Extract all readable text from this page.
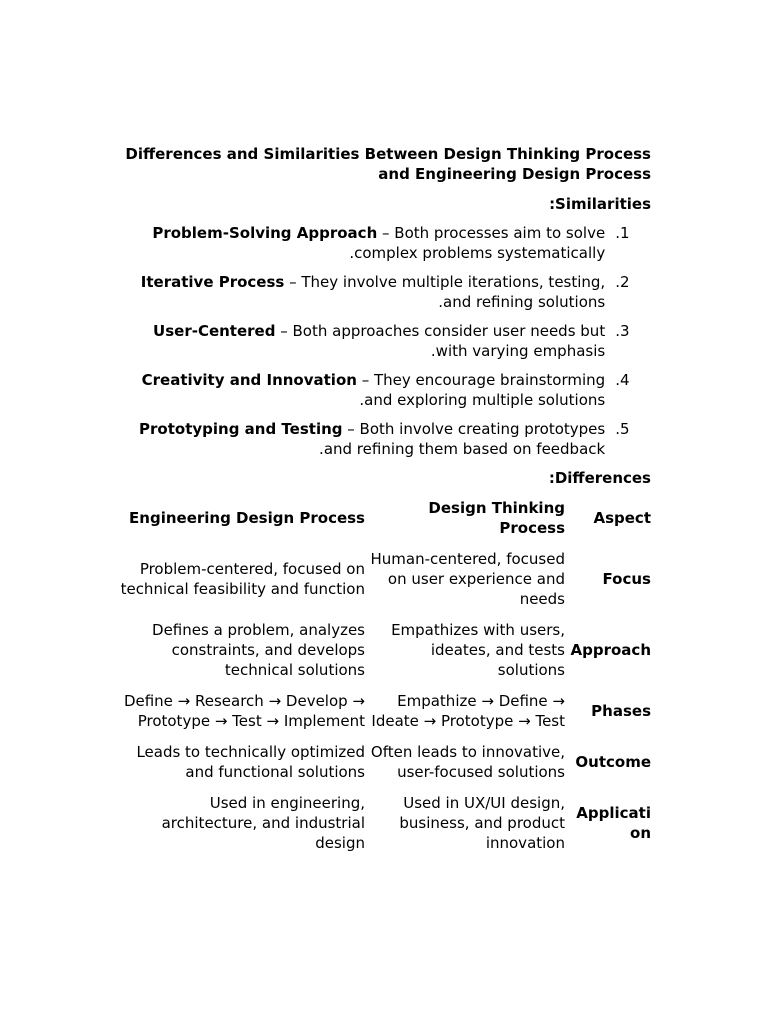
Differences and Similarities Between Design Thinking Process and Engineering Design Process
:Similarities
Problem-Solving Approach – Both processes aim to solve .complex problems systematically
.1
Iterative Process – They involve multiple iterations, testing, .and refining solutions
.2
User-Centered – Both approaches consider user needs but .with varying emphasis
.3
Creativity and Innovation – They encourage brainstorming .and exploring multiple solutions
.4
Prototyping and Testing – Both involve creating prototypes .and refining them based on feedback
.5
:Differences
Engineering Design Process	Design Thinking Process	Aspect
Problem-centered, focused on technical feasibility and function	Human-centered, focused on user experience and needs	Focus
Defines a problem, analyzes constraints, and develops technical solutions	Empathizes with users, ideates, and tests solutions	Approach
Define → Research → Develop → Prototype → Test → Implement	Empathize → Define → Ideate → Prototype → Test	Phases
Leads to technically optimized and functional solutions	Often leads to innovative, user-focused solutions	Outcome
Used in engineering, architecture, and industrial design	Used in UX/UI design, business, and product innovation	Applicati on
